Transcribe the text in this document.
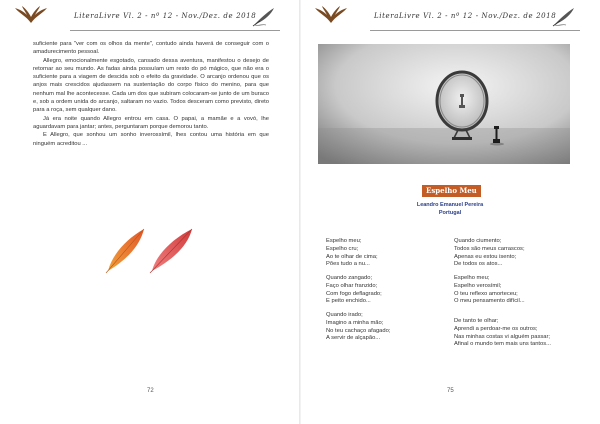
LiteraLivre Vl. 2 - nº 12 - Nov./Dez. de 2018

suficiente para "ver com os olhos da mente", contudo ainda haverá de conseguir com o amadurecimento pessoal.

Allegro, emocionalmente esgotado, cansado dessa aventura, manifestou o desejo de retornar ao seu mundo. As fadas ainda possuíam um resto do pó mágico, que não era o suficiente para a viagem de descida sob o efeito da gravidade. O arcanjo ordenou que os anjos mais crescidos ajudassem na sustentação do corpo físico do menino, para que nenhum mal lhe acontecesse. Cada um dos que subiram colocaram-se junto de um buraco e, sob a ordem unida do arcanjo, saltaram no vazio. Todos desceram como previsto, direto para a roça, sem qualquer dano.

Já era noite quando Allegro entrou em casa. O papai, a mamãe e a vovó, lhe aguardavam para jantar; antes, perguntaram porque demorou tanto.

E Allegro, que sonhou um sonho inverossímil, lhes contou uma história em que ninguém acreditou ...

72
LiteraLivre Vl. 2 - nº 12 - Nov./Dez. de 2018
Espelho Meu
Leandro Emanuel Pereira
Portugal
Espelho meu;
Espelho cru;
Ao te olhar de cima;
Pões tudo a nu...
Quando zangado;
Faço olhar franzido;
Com fogo deflagrado;
E peito enchido...
Quando irado;
Imagino a minha mão;
No teu cachaço afagado;
A servir de alçapão...
Quando ciumento;
Todos são meus carrascos;
Apenas eu estou isento;
De todos os atos...
Espelho meu;
Espelho verosímil;
O teu reflexo amorteceu;
O meu pensamento difícil...
De tanto te olhar;
Aprendi a perdoar-me os outros;
Nas minhas costas vi alguém passar;
Afinal o mundo tem mais uns tantos...
75
